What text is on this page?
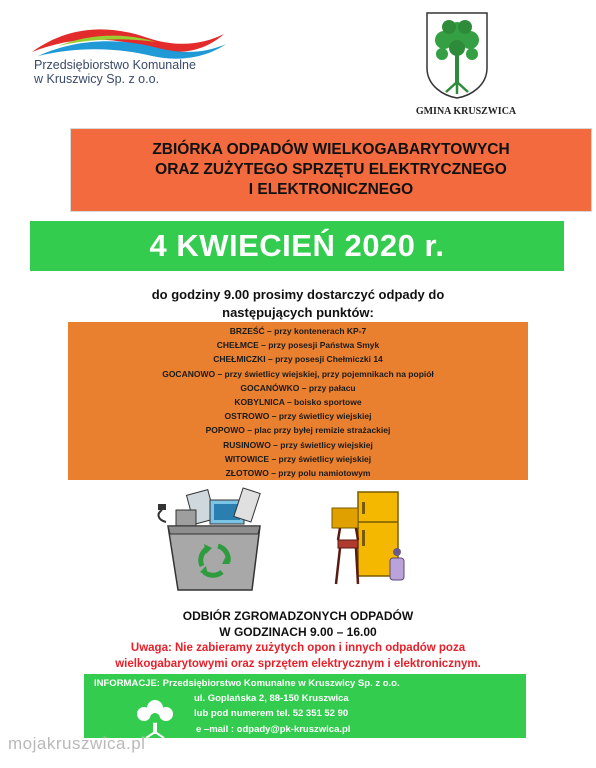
Przedsiębiorstwo Komunalne
w Kruszwicy Sp. z o.o.
GMINA KRUSZWICA
ZBIÓRKA ODPADÓW WIELKOGABARYTOWYCH
ORAZ ZUŻYTEGO SPRZĘTU ELEKTRYCZNEGO
I ELEKTRONICZNEGO
4 KWIECIEŃ 2020 r.
do godziny 9.00 prosimy dostarczyć odpady do
następujących punktów:
BRZEŚĆ – przy kontenerach KP-7
CHEŁMCE – przy posesji Państwa Smyk
CHEŁMICZKI – przy posesji Chełmiczki 14
GOCANOWO – przy świetlicy wiejskiej, przy pojemnikach na popiół
GOCANÓWKO – przy pałacu
KOBYLNICA – boisko sportowe
OSTROWO – przy świetlicy wiejskiej
POPOWO – plac przy byłej remizie strażackiej
RUSINOWO – przy świetlicy wiejskiej
WITOWICE – przy świetlicy wiejskiej
ZŁOTOWO – przy polu namiotowym
ODBIÓR ZGROMADZONYCH ODPADÓW
W GODZINACH 9.00 – 16.00
Uwaga: Nie zabieramy zużytych opon i innych odpadów poza
wielkogabarytowymi oraz sprzętem elektrycznym i elektronicznym.
INFORMACJE: Przedsiębiorstwo Komunalne w Kruszwicy Sp. z o.o.
ul. Goplańska 2, 88-150 Kruszwica
lub pod numerem tel. 52 351 52 90
e –mail : odpady@pk-kruszwica.pl
mojakruszwica.pl
